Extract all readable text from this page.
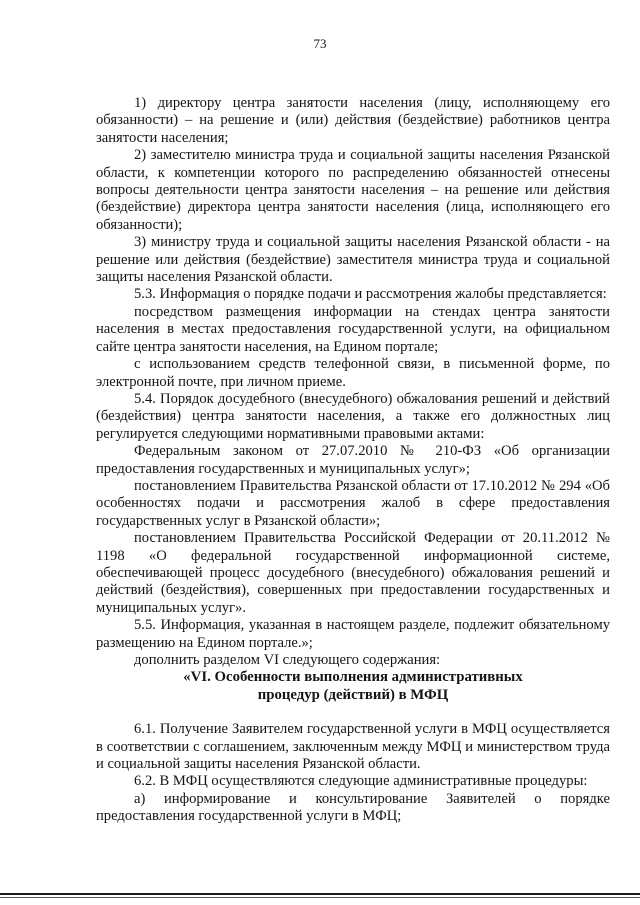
73

1) директору центра занятости населения (лицу, исполняющему его обязанности) – на решение и (или) действия (бездействие) работников центра занятости населения;

2) заместителю министра труда и социальной защиты населения Рязанской области, к компетенции которого по распределению обязанностей отнесены вопросы деятельности центра занятости населения – на решение или действия (бездействие) директора центра занятости населения (лица, исполняющего его обязанности);

3) министру труда и социальной защиты населения Рязанской области - на решение или действия (бездействие) заместителя министра труда и социальной защиты населения Рязанской области.

5.3. Информация о порядке подачи и рассмотрения жалобы представляется:

посредством размещения информации на стендах центра занятости населения в местах предоставления государственной услуги, на официальном сайте центра занятости населения, на Едином портале;

с использованием средств телефонной связи, в письменной форме, по электронной почте, при личном приеме.

5.4. Порядок досудебного (внесудебного) обжалования решений и действий (бездействия) центра занятости населения, а также его должностных лиц регулируется следующими нормативными правовыми актами:

Федеральным законом от 27.07.2010 № 210-ФЗ «Об организации предоставления государственных и муниципальных услуг»;

постановлением Правительства Рязанской области от 17.10.2012 № 294 «Об особенностях подачи и рассмотрения жалоб в сфере предоставления государственных услуг в Рязанской области»;

постановлением Правительства Российской Федерации от 20.11.2012 № 1198 «О федеральной государственной информационной системе, обеспечивающей процесс досудебного (внесудебного) обжалования решений и действий (бездействия), совершенных при предоставлении государственных и муниципальных услуг».

5.5. Информация, указанная в настоящем разделе, подлежит обязательному размещению на Едином портале.»;

дополнить разделом VI следующего содержания:

«VI. Особенности выполнения административных
процедур (действий) в МФЦ

6.1. Получение Заявителем государственной услуги в МФЦ осуществляется в соответствии с соглашением, заключенным между МФЦ и министерством труда и социальной защиты населения Рязанской области.

6.2. В МФЦ осуществляются следующие административные процедуры:

а) информирование и консультирование Заявителей о порядке предоставления государственной услуги в МФЦ;
